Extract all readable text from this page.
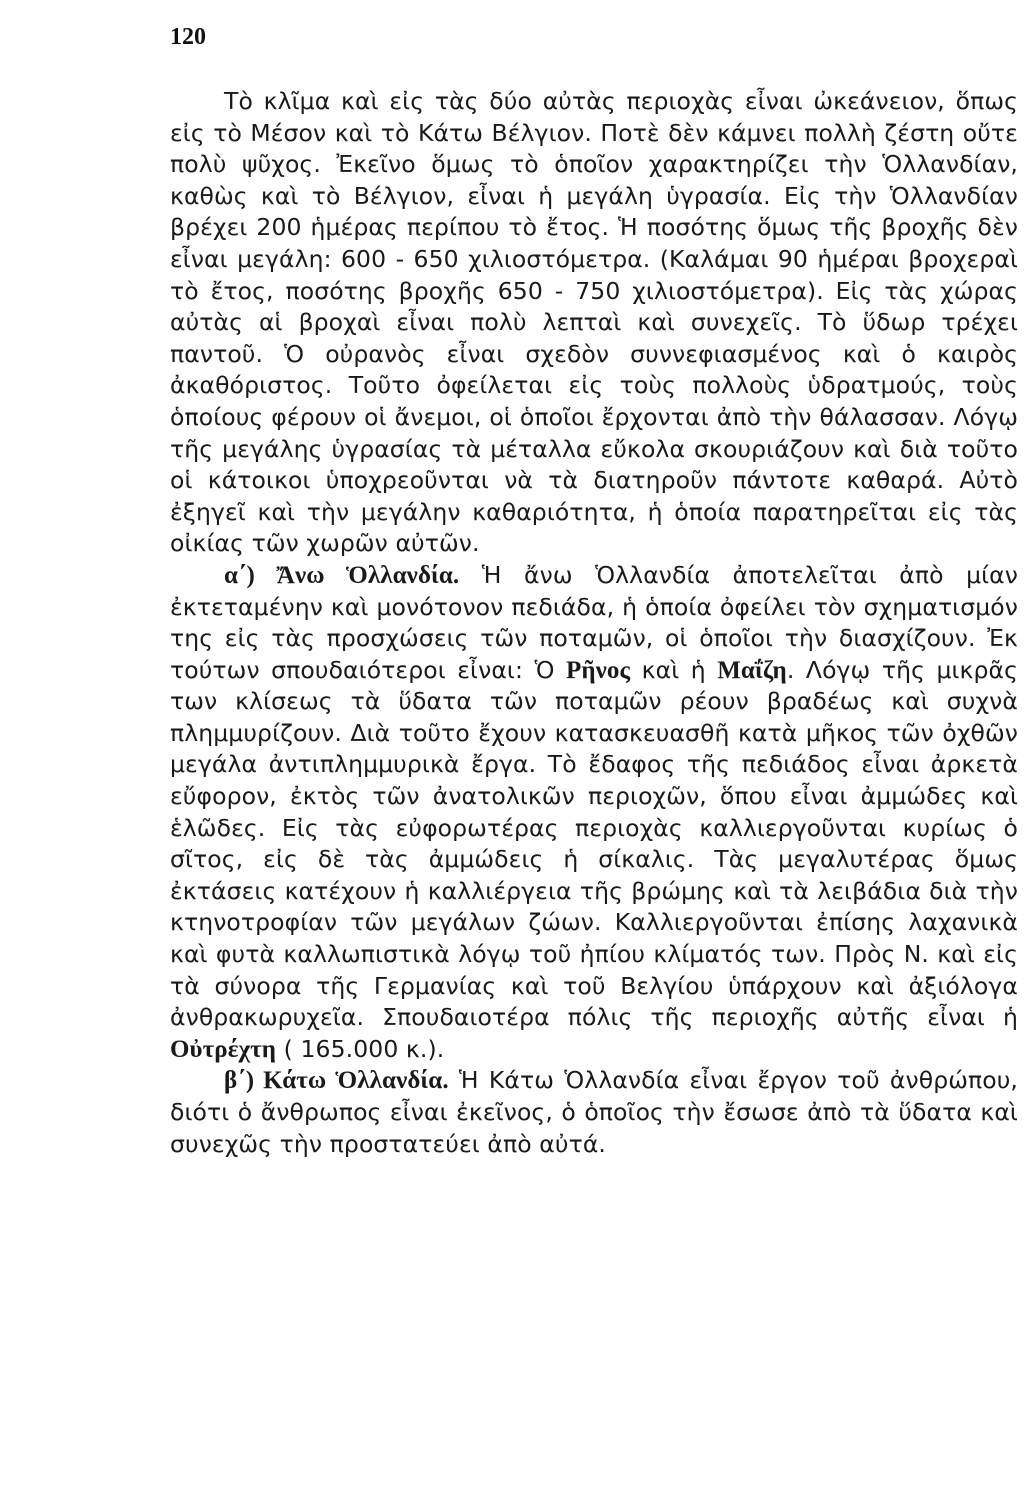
120

Τὸ κλῖμα καὶ εἰς τὰς δύο αὐτὰς περιοχὰς εἶναι ὠκεάνειον, ὅπως εἰς τὸ Μέσον καὶ τὸ Κάτω Βέλγιον. Ποτὲ δὲν κάμνει πολλὴ ζέστη οὔτε πολὺ ψῦχος. Ἐκεῖνο ὅμως τὸ ὁποῖον χαρακτηρίζει τὴν Ὁλλανδίαν, καθὼς καὶ τὸ Βέλγιον, εἶναι ἡ μεγάλη ὑγρασία. Εἰς τὴν Ὁλλανδίαν βρέχει 200 ἡμέρας περίπου τὸ ἔτος. Ἡ ποσότης ὅμως τῆς βροχῆς δὲν εἶναι μεγάλη: 600 - 650 χιλιοστόμετρα. (Καλάμαι 90 ἡμέραι βροχεραὶ τὸ ἔτος, ποσότης βροχῆς 650 - 750 χιλιοστόμετρα). Εἰς τὰς χώρας αὐτὰς αἱ βροχαὶ εἶναι πολὺ λεπταὶ καὶ συνεχεῖς. Τὸ ὕδωρ τρέχει παντοῦ. Ὁ οὐρανὸς εἶναι σχεδὸν συννεφιασμένος καὶ ὁ καιρὸς ἀκαθόριστος. Τοῦτο ὀφείλεται εἰς τοὺς πολλοὺς ὑδρατμούς, τοὺς ὁποίους φέρουν οἱ ἄνεμοι, οἱ ὁποῖοι ἔρχονται ἀπὸ τὴν θάλασσαν. Λόγῳ τῆς μεγάλης ὑγρασίας τὰ μέταλλα εὔκολα σκουριάζουν καὶ διὰ τοῦτο οἱ κάτοικοι ὑποχρεοῦνται νὰ τὰ διατηροῦν πάντοτε καθαρά. Αὐτὸ ἐξηγεῖ καὶ τὴν μεγάλην καθαριότητα, ἡ ὁποία παρατηρεῖται εἰς τὰς οἰκίας τῶν χωρῶν αὐτῶν.

α΄) Ἄνω Ὁλλανδία. Ἡ ἄνω Ὁλλανδία ἀποτελεῖται ἀπὸ μίαν ἐκτεταμένην καὶ μονότονον πεδιάδα, ἡ ὁποία ὀφείλει τὸν σχηματισμόν της εἰς τὰς προσχώσεις τῶν ποταμῶν, οἱ ὁποῖοι τὴν διασχίζουν. Ἐκ τούτων σπουδαιότεροι εἶναι: Ὁ Ρῆνος καὶ ἡ Μαΐζη. Λόγῳ τῆς μικρᾶς των κλίσεως τὰ ὕδατα τῶν ποταμῶν ρέουν βραδέως καὶ συχνὰ πλημμυρίζουν. Διὰ τοῦτο ἔχουν κατασκευασθῆ κατὰ μῆκος τῶν ὀχθῶν μεγάλα ἀντιπλημμυρικὰ ἔργα. Τὸ ἔδαφος τῆς πεδιάδος εἶναι ἀρκετὰ εὔφορον, ἐκτὸς τῶν ἀνατολικῶν περιοχῶν, ὅπου εἶναι ἀμμώδες καὶ ἑλῶδες. Εἰς τὰς εὐφορωτέρας περιοχὰς καλλιεργοῦνται κυρίως ὁ σῖτος, εἰς δὲ τὰς ἀμμώδεις ἡ σίκαλις. Τὰς μεγαλυτέρας ὅμως ἐκτάσεις κατέχουν ἡ καλλιέργεια τῆς βρώμης καὶ τὰ λειβάδια διὰ τὴν κτηνοτροφίαν τῶν μεγάλων ζώων. Καλλιεργοῦνται ἐπίσης λαχανικὰ καὶ φυτὰ καλλωπιστικὰ λόγῳ τοῦ ἠπίου κλίματός των. Πρὸς Ν. καὶ εἰς τὰ σύνορα τῆς Γερμανίας καὶ τοῦ Βελγίου ὑπάρχουν καὶ ἀξιόλογα ἀνθρακωρυχεῖα. Σπουδαιοτέρα πόλις τῆς περιοχῆς αὐτῆς εἶναι ἡ Οὐτρέχτη ( 165.000 κ.).

β΄) Κάτω Ὁλλανδία. Ἡ Κάτω Ὁλλανδία εἶναι ἔργον τοῦ ἀνθρώπου, διότι ὁ ἄνθρωπος εἶναι ἐκεῖνος, ὁ ὁποῖος τὴν ἔσωσε ἀπὸ τὰ ὕδατα καὶ συνεχῶς τὴν προστατεύει ἀπὸ αὐτά.
